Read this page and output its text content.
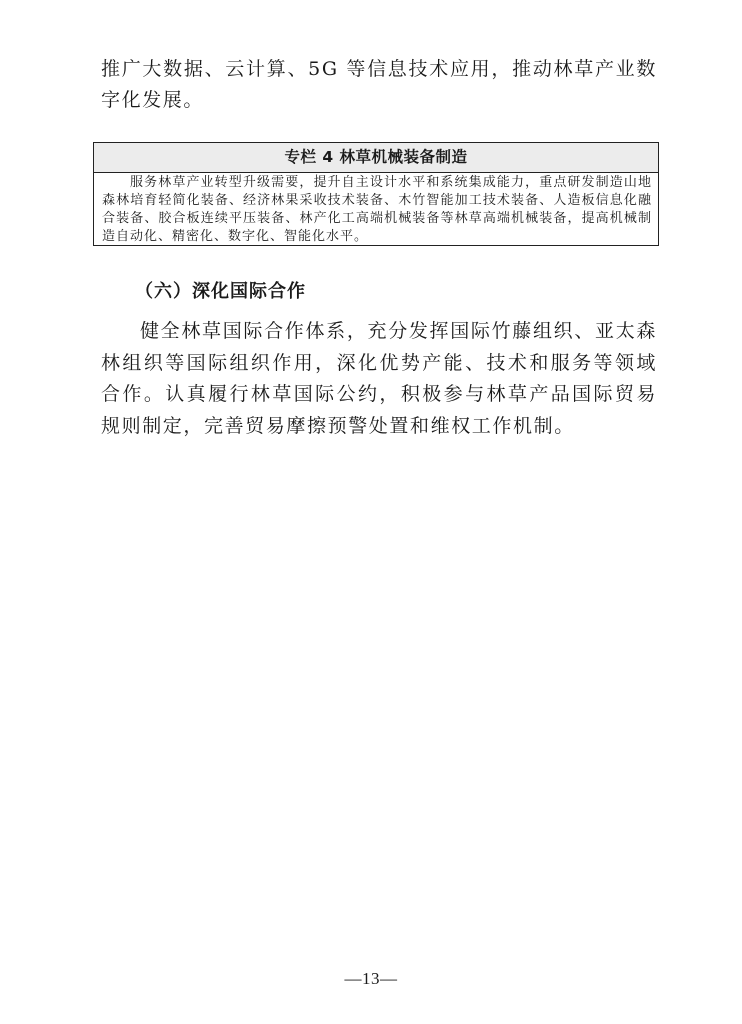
推广大数据、云计算、5G 等信息技术应用，推动林草产业数字化发展。

专栏 4 林草机械装备制造
服务林草产业转型升级需要，提升自主设计水平和系统集成能力，重点研发制造山地森林培育轻简化装备、经济林果采收技术装备、木竹智能加工技术装备、人造板信息化融合装备、胶合板连续平压装备、林产化工高端机械装备等林草高端机械装备，提高机械制造自动化、精密化、数字化、智能化水平。
（六）深化国际合作

健全林草国际合作体系，充分发挥国际竹藤组织、亚太森林组织等国际组织作用，深化优势产能、技术和服务等领域合作。认真履行林草国际公约，积极参与林草产品国际贸易规则制定，完善贸易摩擦预警处置和维权工作机制。

—13—
